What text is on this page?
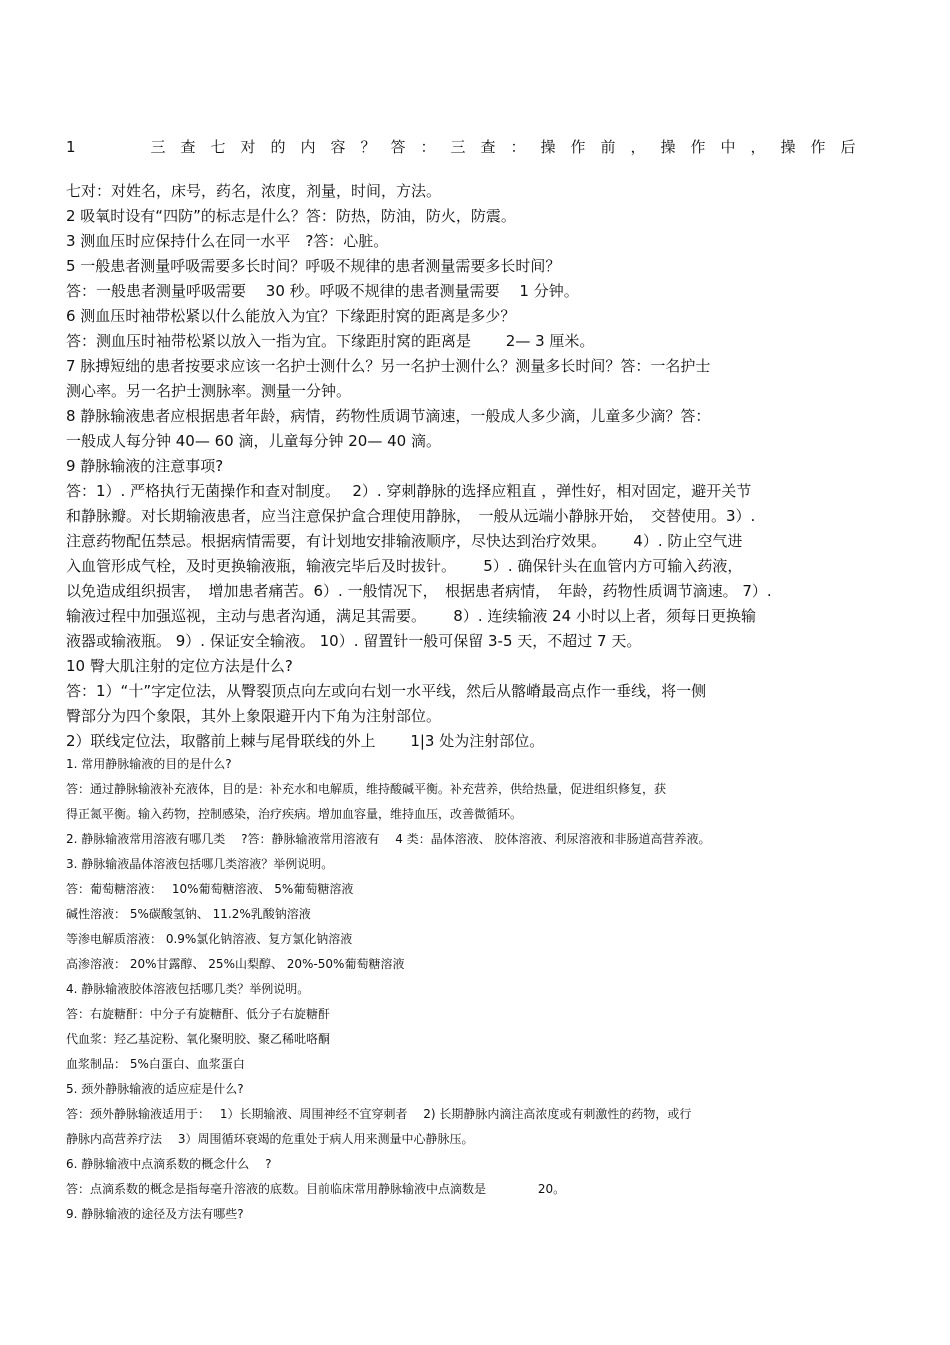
1　　三查七对的内容？答：三查：操作前，操作中，操作后
七对：对姓名，床号，药名，浓度，剂量，时间，方法。
2 吸氧时设有“四防”的标志是什么？答：防热，防油，防火，防震。
3 测血压时应保持什么在同一水平　?答：心脏。
5 一般患者测量呼吸需要多长时间？呼吸不规律的患者测量需要多长时间？
答：一般患者测量呼吸需要　 30 秒。呼吸不规律的患者测量需要　 1 分钟。
6 测血压时袖带松紧以什么能放入为宜？下缘距肘窝的距离是多少？
答：测血压时袖带松紧以放入一指为宜。下缘距肘窝的距离是　　 2— 3 厘米。
7 脉搏短绌的患者按要求应该一名护士测什么？另一名护士测什么？测量多长时间？答：一名护士
测心率。另一名护士测脉率。测量一分钟。
8 静脉输液患者应根据患者年龄，病情，药物性质调节滴速，一般成人多少滴，儿童多少滴？答：
一般成人每分钟 40— 60 滴，儿童每分钟 20— 40 滴。
9 静脉输液的注意事项?
答：1）. 严格执行无菌操作和查对制度。　 2）. 穿刺静脉的选择应粗直 ，弹性好，相对固定，避开关节
和静脉瓣。对长期输液患者，应当注意保护盒合理使用静脉，　一般从远端小静脉开始，　交替使用。3）.
注意药物配伍禁忌。根据病情需要，有计划地安排输液顺序，尽快达到治疗效果。　　 4）. 防止空气进
入血管形成气栓，及时更换输液瓶，输液完毕后及时拔针。　　 5）. 确保针头在血管内方可输入药液，
以免造成组织损害，　增加患者痛苦。6）. 一般情况下，　根据患者病情，　年龄，药物性质调节滴速。 7）.
输液过程中加强巡视，主动与患者沟通，满足其需要。　　 8）. 连续输液 24 小时以上者，须每日更换输
液器或输液瓶。 9）. 保证安全输液。 10）. 留置针一般可保留 3-5 天，不超过 7 天。
10 臀大肌注射的定位方法是什么?
答：1）“十”字定位法，从臀裂顶点向左或向右划一水平线，然后从髂嵴最高点作一垂线，将一侧
臀部分为四个象限，其外上象限避开内下角为注射部位。
2）联线定位法，取髂前上棘与尾骨联线的外上　　 1|3 处为注射部位。
1. 常用静脉输液的目的是什么?
答：通过静脉输液补充液体，目的是：补充水和电解质，维持酸碱平衡。补充营养，供给热量，促进组织修复，获
得正氮平衡。输入药物，控制感染，治疗疾病。增加血容量，维持血压，改善微循环。
2. 静脉输液常用溶液有哪几类　 ?答：静脉输液常用溶液有　 4 类：晶体溶液、 胶体溶液、利尿溶液和非肠道高营养液。
3. 静脉输液晶体溶液包括哪几类溶液？举例说明。
答：葡萄糖溶液：　 10%葡萄糖溶液、 5%葡萄糖溶液
碱性溶液： 5%碳酸氢钠、 11.2%乳酸钠溶液
等渗电解质溶液： 0.9%氯化钠溶液、复方氯化钠溶液
高渗溶液： 20%甘露醇、 25%山梨醇、 20%-50%葡萄糖溶液
4. 静脉输液胶体溶液包括哪几类？举例说明。
答：右旋糖酐：中分子有旋糖酐、低分子右旋糖酐
代血浆：羟乙基淀粉、氧化聚明胶、聚乙稀吡咯酮
血浆制品： 5%白蛋白、血浆蛋白
5. 颈外静脉输液的适应症是什么?
答：颈外静脉输液适用于：　 1）长期输液、周围神经不宜穿刺者　 2) 长期静脉内滴注高浓度或有刺激性的药物，或行
静脉内高营养疗法　 3）周围循环衰竭的危重处于病人用来测量中心静脉压。
6. 静脉输液中点滴系数的概念什么　 ?
答：点滴系数的概念是指每毫升溶液的底数。目前临床常用静脉输液中点滴数是　　　　 20。
9. 静脉输液的途径及方法有哪些?
